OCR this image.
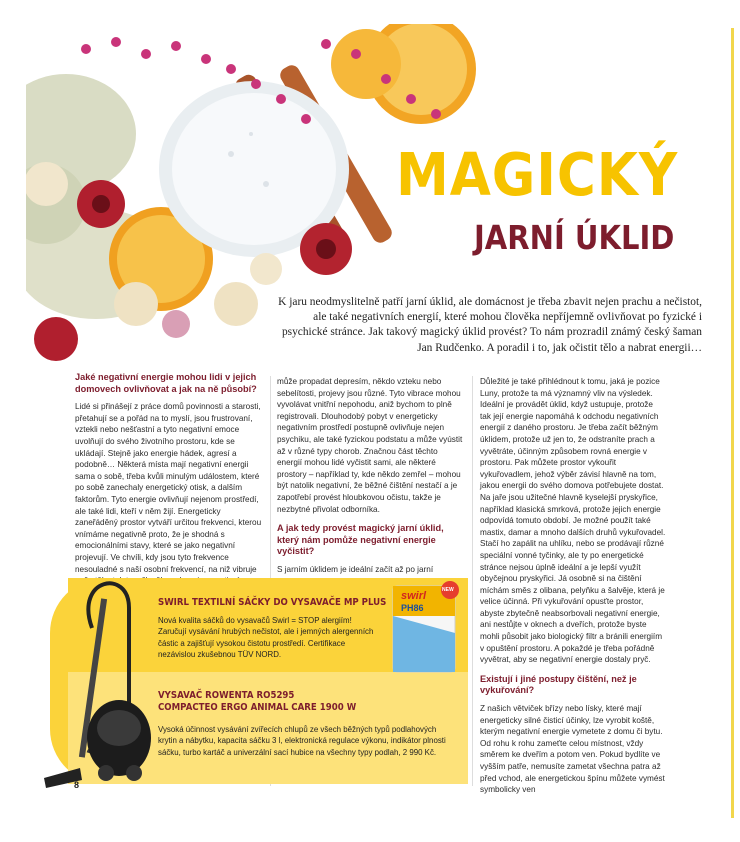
MAGICKÝ
JARNÍ ÚKLID
K jaru neodmyslitelně patří jarní úklid, ale domácnost je třeba zbavit nejen prachu a nečistot, ale také negativních energií, které mohou člověka nepříjemně ovlivňovat po fyzické i psychické stránce. Jak takový magický úklid provést? To nám prozradil známý český šaman Jan Rudčenko. A poradil i to, jak očistit tělo a nabrat energii…
Jaké negativní energie mohou lidi v jejich domovech ovlivňovat a jak na ně působí?

Lidé si přinášejí z práce domů povinnosti a starosti, přetahují se a pořád na to myslí, jsou frustrovaní, vztekli nebo nešťastní a tyto negativní emoce uvolňují do svého životního prostoru, kde se ukládají. Stejně jako energie hádek, agresí a podobně… Některá místa mají negativní energii sama o sobě, třeba kvůli minulým událostem, které po sobě zanechaly energetický otisk, a dalším faktorům. Tyto energie ovlivňují nejenom prostředí, ale také lidi, kteří v něm žijí. Energeticky zaneřáděný prostor vytváří určitou frekvenci, kterou vnímáme negativně proto, že je shodná s emocionálními stavy, které se jako negativní projevují. Ve chvíli, kdy jsou tyto frekvence nesouladné s naší osobní frekvencí, na niž vibruje

může propadat depresím, někdo vzteku nebo sebelítosti, projevy jsou různé. Tyto vibrace mohou vyvolávat vnitřní nepohodu, aniž bychom to plně registrovali. Dlouhodobý pobyt v energeticky negativním prostředí postupně ovlivňuje nejen psychiku, ale také fyzickou podstatu a může vyústit až v různé typy chorob. Značnou část těchto energií mohou lidé vyčistit sami, ale některé prostory – například ty, kde někdo zemřel – mohou být natolik negativní, že běžné čištění nestačí a je zapotřebí provést hloubkovou očistu, takže je nezbytné přivolat odborníka.

A jak tedy provést magický jarní úklid, který nám pomůže negativní energie vyčistit?

S jarním úklidem je ideální začít až po jarní

Důležité je také přihlédnout k tomu, jaká je pozice Luny, protože ta má významný vliv na výsledek. Ideální je provádět úklid, když ustupuje, protože tak její energie napomáhá k odchodu negativních energií z daného prostoru. Je třeba začít běžným úklidem, protože už jen to, že odstraníte prach a vyvětráte, účinným způsobem rovná energie v prostoru. Pak můžete prostor vykouřit vykuřovadlem, jehož výběr závisí hlavně na tom, jakou energii do svého domova potřebujete dostat. Na jaře jsou užitečné hlavně kyselejší pryskyřice, například klasická smrková, protože jejich energie odpovídá tomuto období. Je možné použít také mastix, damar a mnoho dalších druhů vykuřovadel. Stačí ho zapálit na uhlíku, nebo se prodávají různé speciální vonné tyčinky, ale ty po energetické stránce nejsou úplně ideální a je lepší využít obyčejnou pryskyřici. Já osobně si na čištění míchám směs z olibana, pelyňku a šalvěje, která je velice účinná. Při vykuřování opusťte prostor, abyste zbytečně neabsorbovali negativní energie, ani nestůjte v oknech a dveřích, protože byste mohli působit jako biologický filtr a bránili energiím v opuštění prostoru. A pokaždé je třeba pořádně vyvětrat, aby se negativní energie dostaly pryč.

Existují i jiné postupy čištění, než je vykuřování?

Z našich větviček břízy nebo lísky, které mají energeticky silné čisticí účinky, lze vyrobit koště, kterým negativní energie vymetete z domu či bytu. Od rohu k rohu zameťte celou místnost, vždy směrem ke dveřím a potom ven. Pokud bydlíte ve vyšším patře, nemusíte zametat všechna patra až před vchod, ale energetickou špínu můžete vymést symbolicky ven

SWIRL TEXTILNÍ SÁČKY DO VYSAVAČE MP PLUS
Nová kvalita sáčků do vysavačů Swirl = STOP alergiím! Zaručují vysávání hrubých nečistot, ale i jemných alergenních částic a zajišťují vysokou čistotu prostředí. Certifikace nezávislou zkušebnou TÜV NORD.
VYSAVAČ ROWENTA RO5295
COMPACTEO ERGO ANIMAL CARE 1900 W
Vysoká účinnost vysávání zvířecích chlupů ze všech běžných typů podlahových krytin a nábytku, kapacita sáčku 3 l, elektronická regulace výkonu, indikátor plnosti sáčku, turbo kartáč a univerzální sací hubice na všechny typy podlah, 2 990 Kč.
swirl
PH86
NEW
8
